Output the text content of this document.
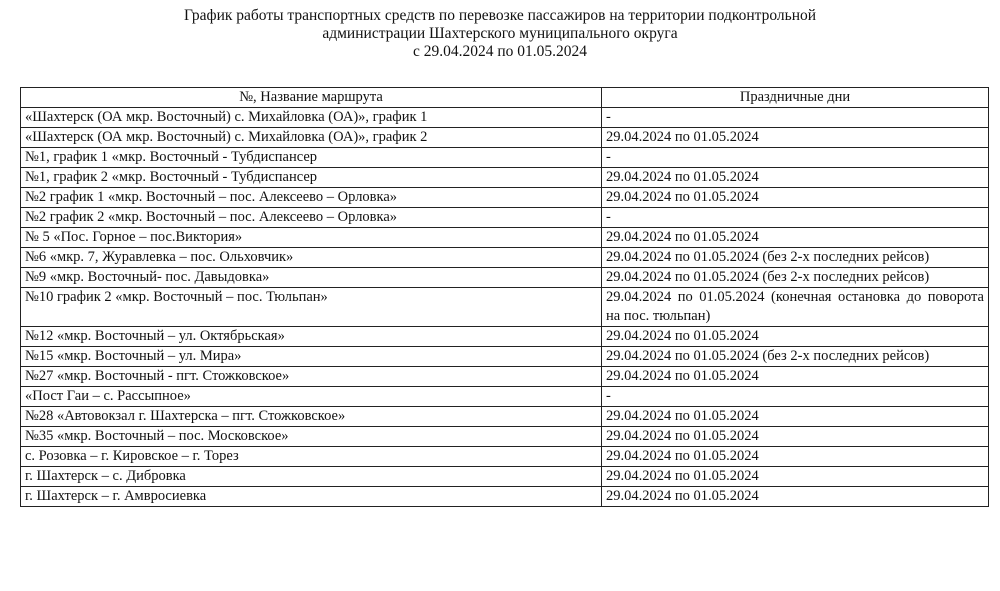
График работы транспортных средств по перевозке пассажиров на территории подконтрольной
администрации Шахтерского муниципального округа
с 29.04.2024 по 01.05.2024
№, Название маршрута	Праздничные дни
«Шахтерск (ОА мкр. Восточный) с. Михайловка (ОА)», график 1	-
«Шахтерск (ОА мкр. Восточный) с. Михайловка (ОА)», график 2	29.04.2024 по 01.05.2024
№1, график 1 «мкр. Восточный - Тубдиспансер	-
№1, график 2 «мкр. Восточный - Тубдиспансер	29.04.2024 по 01.05.2024
№2 график 1 «мкр. Восточный – пос. Алексеево – Орловка»	29.04.2024 по 01.05.2024
№2 график 2 «мкр. Восточный – пос. Алексеево – Орловка»	-
№ 5 «Пос. Горное – пос.Виктория»	29.04.2024 по 01.05.2024
№6 «мкр. 7, Журавлевка – пос. Ольховчик»	29.04.2024 по 01.05.2024 (без 2-х последних рейсов)
№9 «мкр. Восточный- пос. Давыдовка»	29.04.2024 по 01.05.2024 (без 2-х последних рейсов)
№10 график 2 «мкр. Восточный – пос. Тюльпан»	29.04.2024 по 01.05.2024 (конечная остановка до поворота на пос. тюльпан)
№12 «мкр. Восточный – ул. Октябрьская»	29.04.2024 по 01.05.2024
№15 «мкр. Восточный – ул. Мира»	29.04.2024 по 01.05.2024 (без 2-х последних рейсов)
№27 «мкр. Восточный - пгт. Стожковское»	29.04.2024 по 01.05.2024
«Пост Гаи – с. Рассыпное»	-
№28 «Автовокзал г. Шахтерска – пгт. Стожковское»	29.04.2024 по 01.05.2024
№35 «мкр. Восточный – пос. Московское»	29.04.2024 по 01.05.2024
с. Розовка – г. Кировское – г. Торез	29.04.2024 по 01.05.2024
г. Шахтерск – с. Дибровка	29.04.2024 по 01.05.2024
г. Шахтерск – г. Амвросиевка	29.04.2024 по 01.05.2024
